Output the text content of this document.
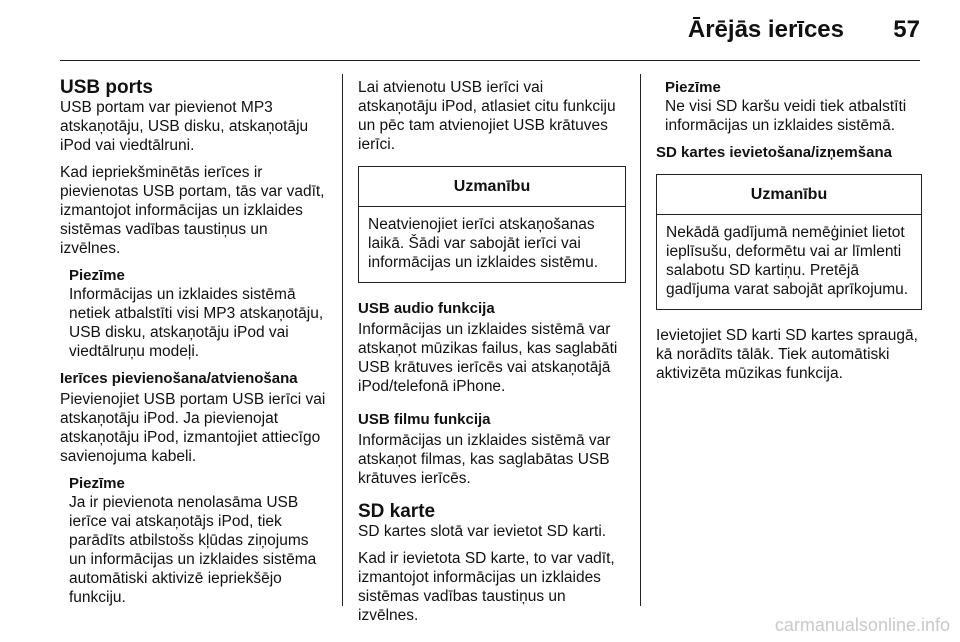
Ārējās ierīces 57
USB ports

USB portam var pievienot MP3 atskaņotāju, USB disku, atskaņotāju iPod vai viedtālruni.

Kad iepriekšminētās ierīces ir pievienotas USB portam, tās var vadīt, izmantojot informācijas un izklaides sistēmas vadības taustiņus un izvēlnes.

Piezīme
Informācijas un izklaides sistēmā netiek atbalstīti visi MP3 atskaņotāju, USB disku, atskaņotāju iPod vai viedtālruņu modeļi.
Ierīces pievienošana/atvienošana

Pievienojiet USB portam USB ierīci vai atskaņotāju iPod. Ja pievienojat atskaņotāju iPod, izmantojiet attiecīgo savienojuma kabeli.

Piezīme
Ja ir pievienota nenolasāma USB ierīce vai atskaņotājs iPod, tiek parādīts atbilstošs kļūdas ziņojums un informācijas un izklaides sistēma automātiski aktivizē iepriekšējo funkciju.

Lai atvienotu USB ierīci vai atskaņotāju iPod, atlasiet citu funkciju un pēc tam atvienojiet USB krātuves ierīci.

Uzmanību
Neatvienojiet ierīci atskaņošanas laikā. Šādi var sabojāt ierīci vai informācijas un izklaides sistēmu.
USB audio funkcija

Informācijas un izklaides sistēmā var atskaņot mūzikas failus, kas saglabāti USB krātuves ierīcēs vai atskaņotājā iPod/telefonā iPhone.

USB filmu funkcija

Informācijas un izklaides sistēmā var atskaņot filmas, kas saglabātas USB krātuves ierīcēs.

SD karte

SD kartes slotā var ievietot SD karti.

Kad ir ievietota SD karte, to var vadīt, izmantojot informācijas un izklaides sistēmas vadības taustiņus un izvēlnes.

Piezīme
Ne visi SD karšu veidi tiek atbalstīti informācijas un izklaides sistēmā.
SD kartes ievietošana/izņemšana
Uzmanību
Nekādā gadījumā nemēģiniet lietot ieplīsušu, deformētu vai ar līmlenti salabotu SD kartiņu. Pretējā gadījuma varat sabojāt aprīkojumu.

Ievietojiet SD karti SD kartes spraugā, kā norādīts tālāk. Tiek automātiski aktivizēta mūzikas funkcija.

carmanualsonline.info
